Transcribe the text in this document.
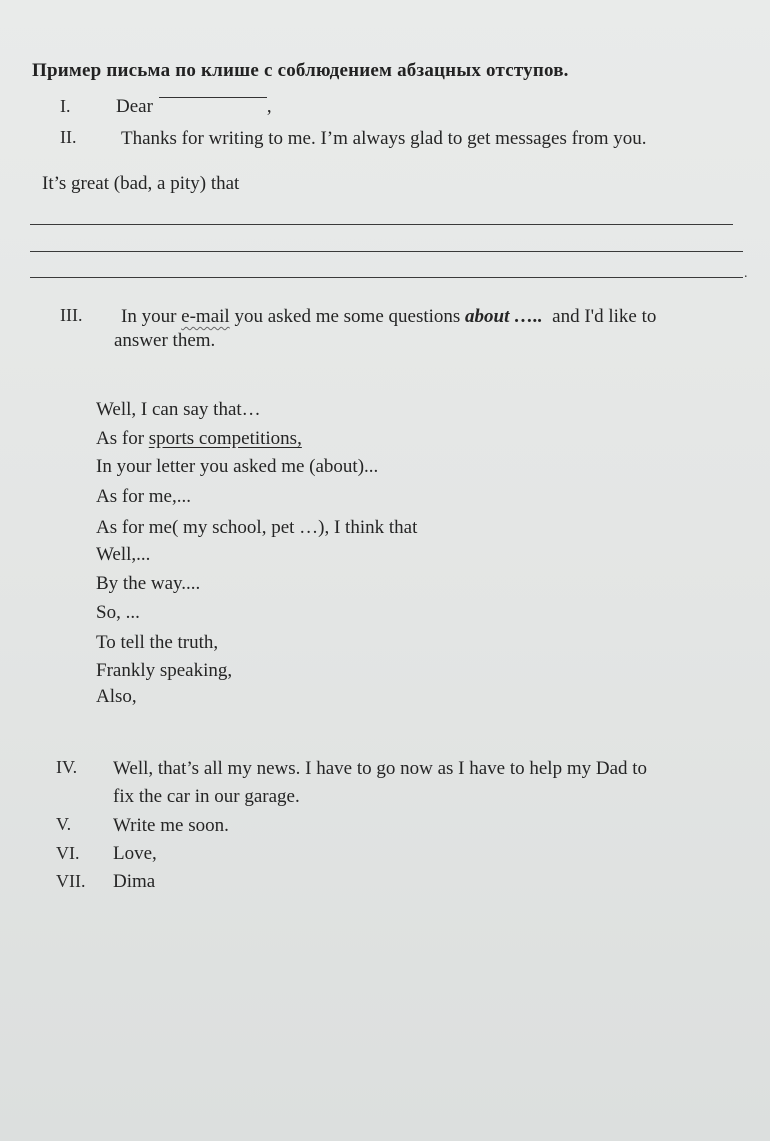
Пример письма по клише с соблюдением абзацных отступов.
I. Dear	,
II. Thanks for writing to me. I’m always glad to get messages from you.
It’s great (bad, a pity) that
.
III. In your e-mail you asked me some questions about …..  and I'd like to
answer them.
Well, I can say that…
As for sports competitions,
In your letter you asked me (about)...
As for me,...
As for me( my school, pet …), I think that
Well,...
By the way....
So, ...
To tell the truth,
Frankly speaking,
Also,
IV. Well, that’s all my news. I have to go now as I have to help my Dad to
fix the car in our garage.
V. Write me soon.
VI. Love,
VII. Dima
